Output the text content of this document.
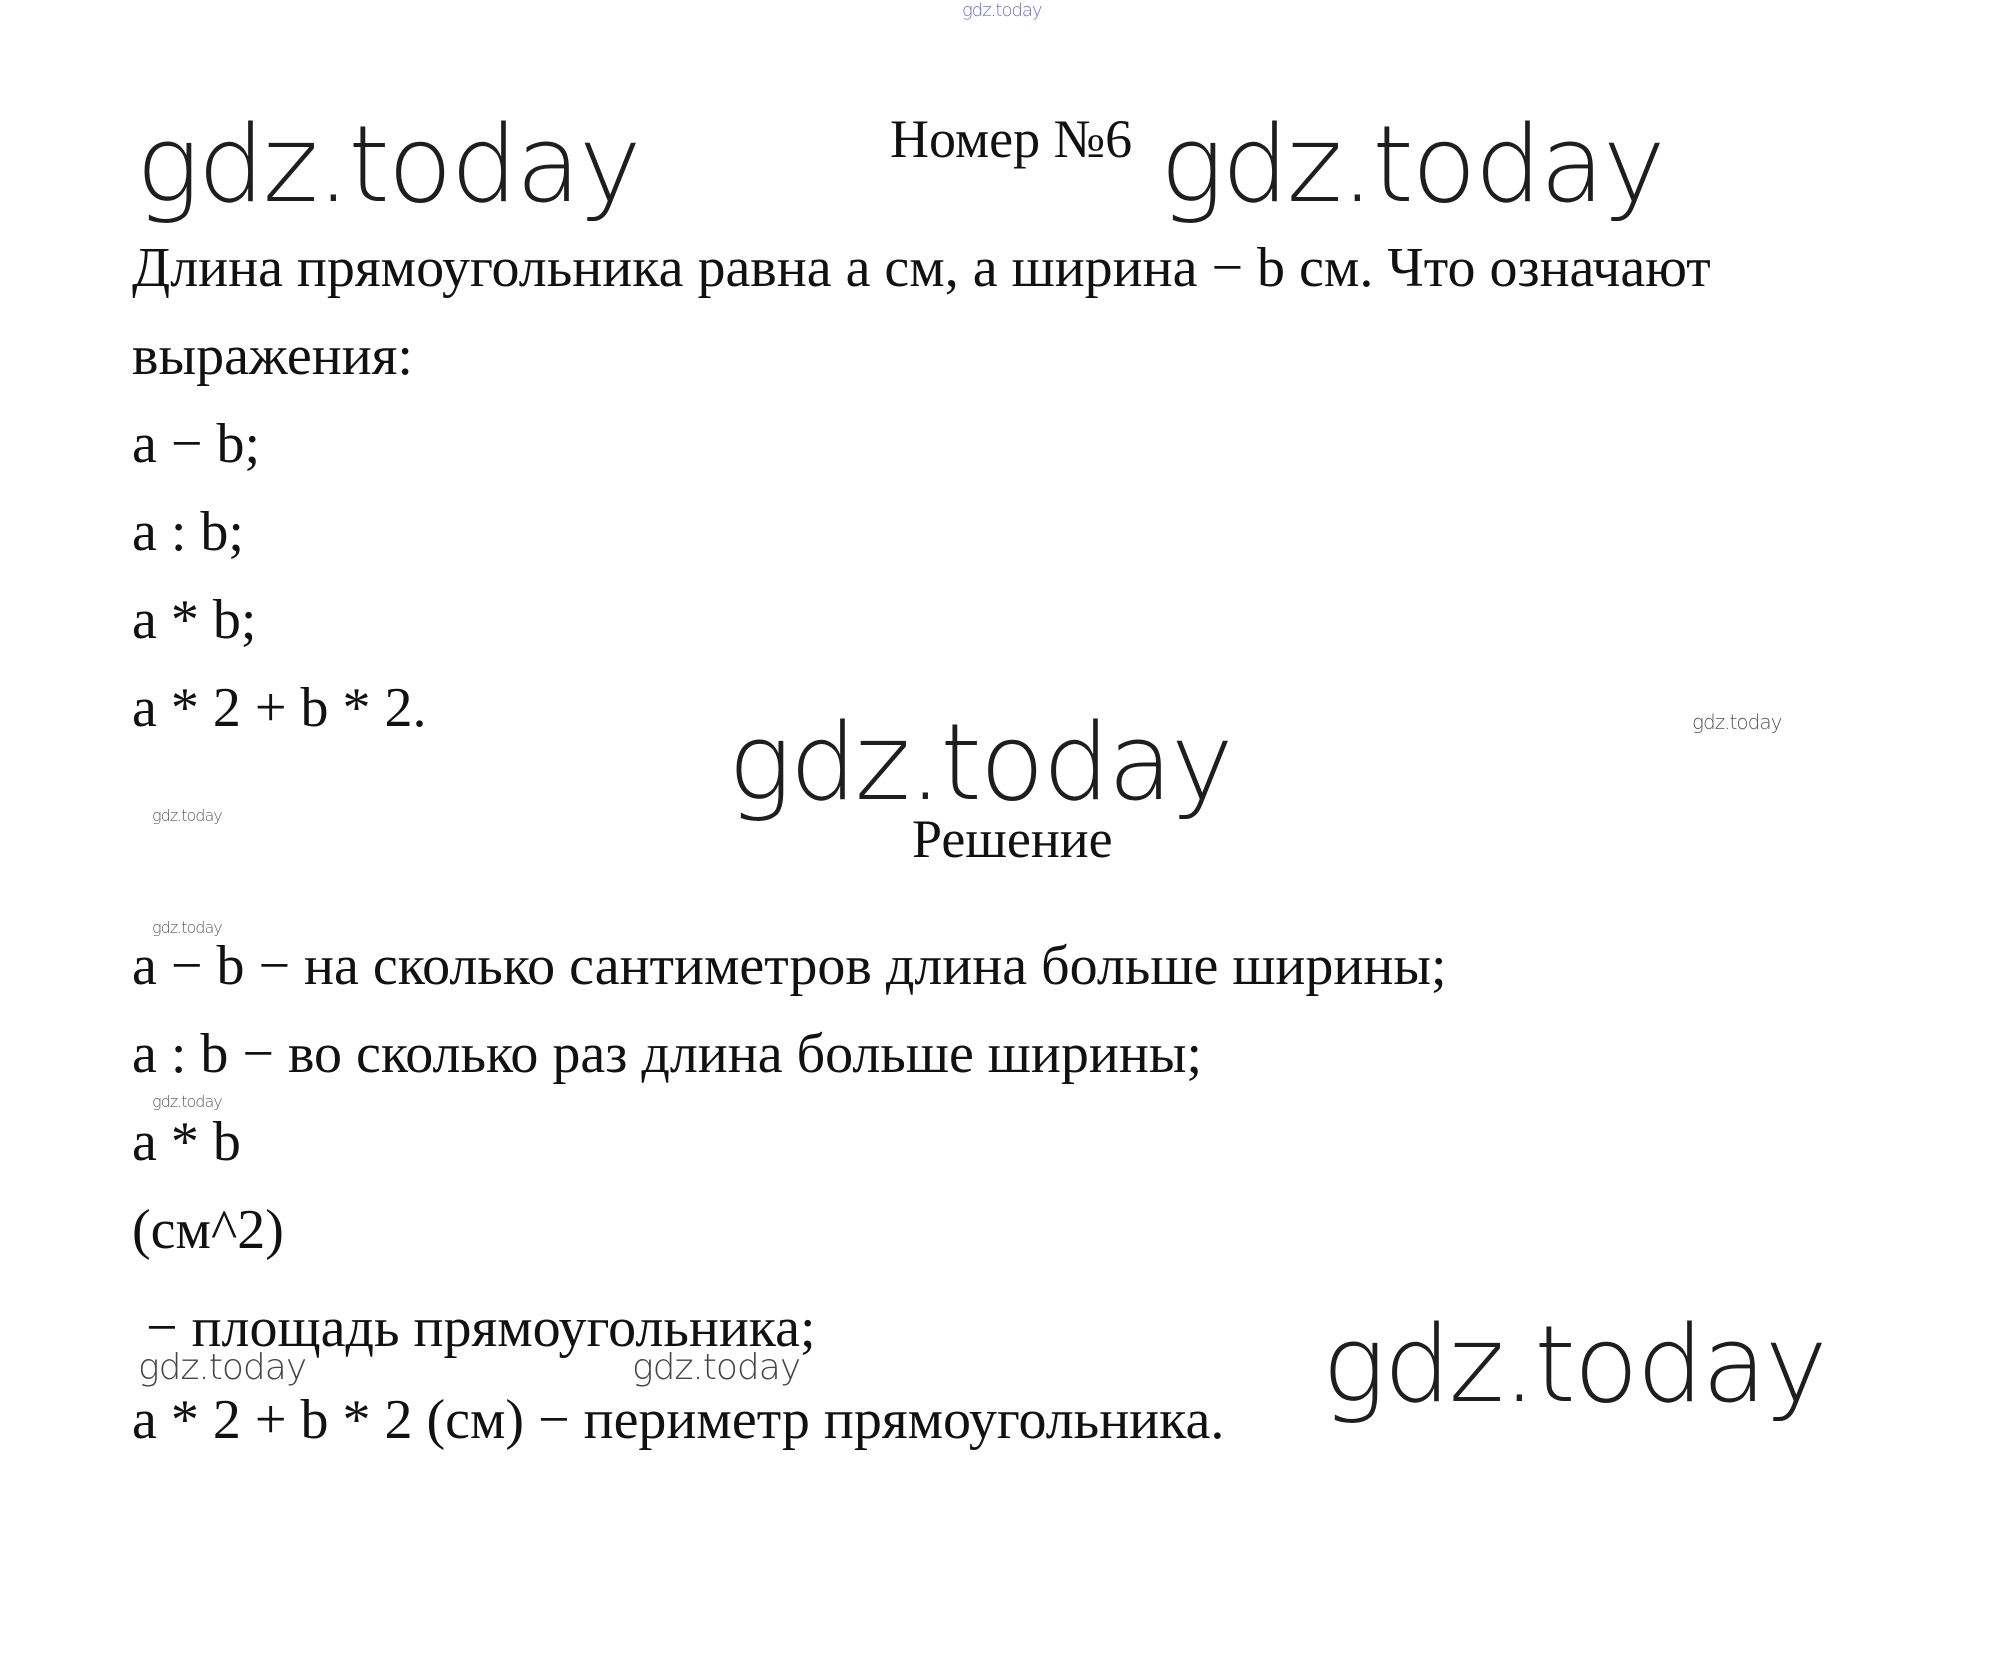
gdz.today
gdz.today	gdz.today
gdz.today
gdz.today
gdz.today
gdz.today
gdz.today
gdz.today	gdz.today	gdz.today
Номер №6
Длина прямоугольника равна a см, а ширина − b см. Что означают
выражения:
a − b;
a : b;
a * b;
a * 2 + b * 2.
Решение
a − b − на сколько сантиметров длина больше ширины;
a : b − во сколько раз длина больше ширины;
a * b
(см^2)
− площадь прямоугольника;
a * 2 + b * 2 (см) − периметр прямоугольника.
